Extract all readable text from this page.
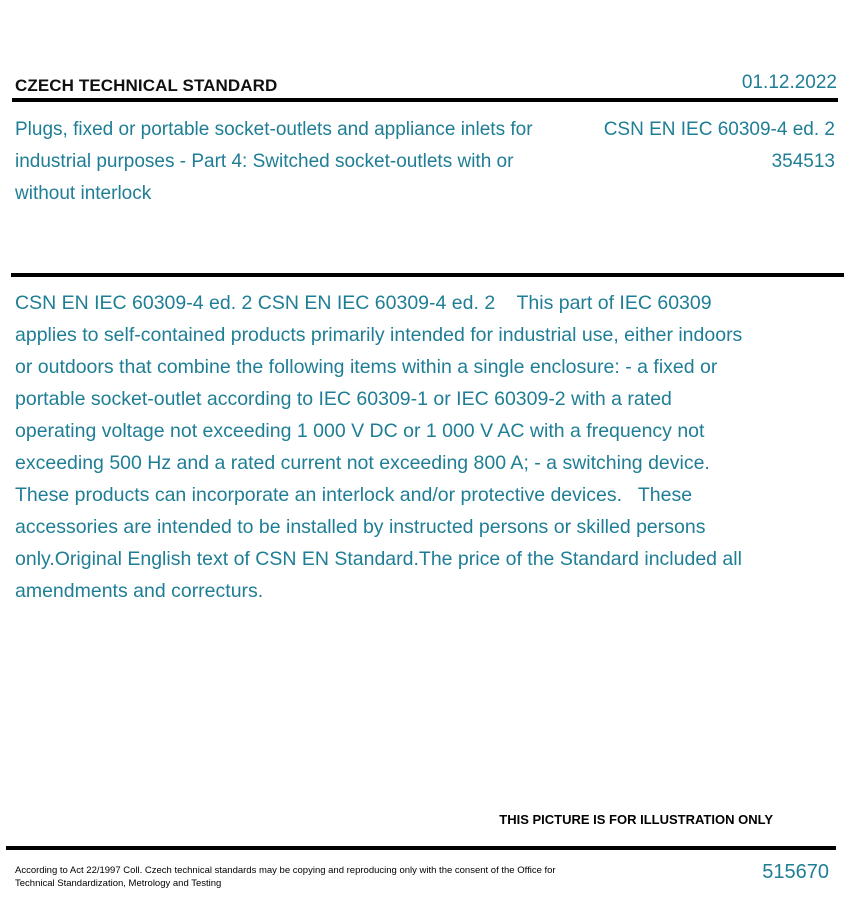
CZECH TECHNICAL STANDARD	01.12.2022
Plugs, fixed or portable socket-outlets and appliance inlets for industrial purposes - Part 4: Switched socket-outlets with or without interlock
CSN EN IEC 60309-4 ed. 2
354513
CSN EN IEC 60309-4 ed. 2 CSN EN IEC 60309-4 ed. 2    This part of IEC 60309 applies to self-contained products primarily intended for industrial use, either indoors or outdoors that combine the following items within a single enclosure: - a fixed or portable socket-outlet according to IEC 60309-1 or IEC 60309-2 with a rated operating voltage not exceeding 1 000 V DC or 1 000 V AC with a frequency not exceeding 500 Hz and a rated current not exceeding 800 A; - a switching device.   These products can incorporate an interlock and/or protective devices.   These accessories are intended to be installed by instructed persons or skilled persons only.Original English text of CSN EN Standard.The price of the Standard included all amendments and correcturs.
THIS PICTURE IS FOR ILLUSTRATION ONLY
According to Act 22/1997 Coll. Czech technical standards may be copying and reproducing only with the consent of the Office for Technical Standardization, Metrology and Testing
515670
